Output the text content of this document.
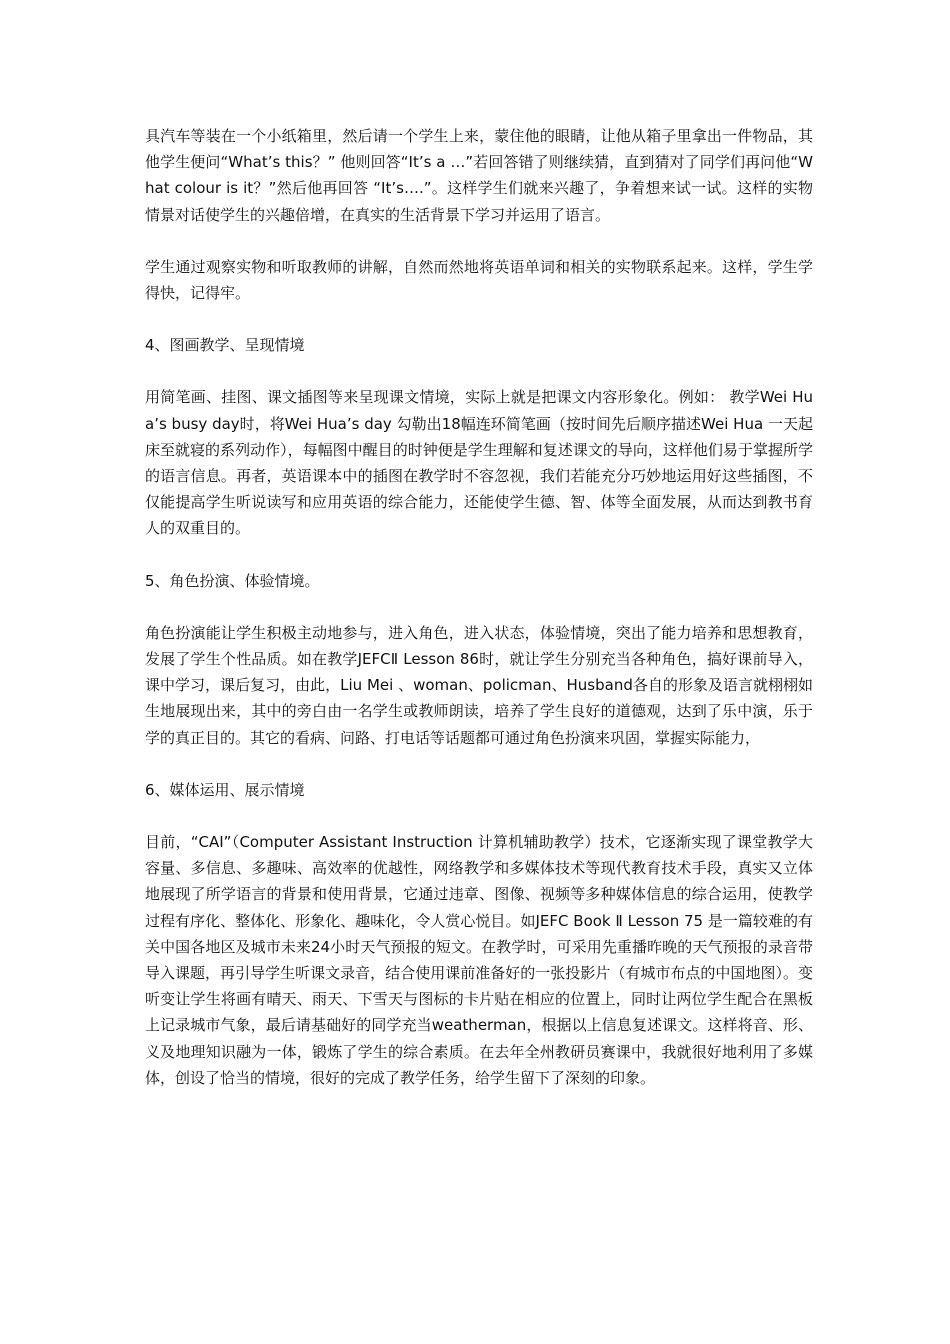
具汽车等装在一个小纸箱里，然后请一个学生上来，蒙住他的眼睛，让他从箱子里拿出一件物品，其他学生便问“What’s this？” 他则回答“It’s a …”若回答错了则继续猜，直到猜对了同学们再问他“What colour is it？”然后他再回答 “It’s….”。这样学生们就来兴趣了，争着想来试一试。这样的实物情景对话使学生的兴趣倍增，在真实的生活背景下学习并运用了语言。

学生通过观察实物和听取教师的讲解，自然而然地将英语单词和相关的实物联系起来。这样，学生学得快，记得牢。

4、图画教学、呈现情境

用简笔画、挂图、课文插图等来呈现课文情境，实际上就是把课文内容形象化。例如： 教学Wei Hua’s busy day时，将Wei Hua’s day 勾勒出18幅连环简笔画（按时间先后顺序描述Wei Hua 一天起床至就寝的系列动作），每幅图中醒目的时钟便是学生理解和复述课文的导向，这样他们易于掌握所学的语言信息。再者，英语课本中的插图在教学时不容忽视，我们若能充分巧妙地运用好这些插图，不仅能提高学生听说读写和应用英语的综合能力，还能使学生德、智、体等全面发展，从而达到教书育人的双重目的。

5、角色扮演、体验情境。

角色扮演能让学生积极主动地参与，进入角色，进入状态，体验情境，突出了能力培养和思想教育，发展了学生个性品质。如在教学JEFCⅡ Lesson 86时，就让学生分别充当各种角色，搞好课前导入，课中学习，课后复习，由此，Liu Mei 、woman、policman、Husband各自的形象及语言就栩栩如生地展现出来，其中的旁白由一名学生或教师朗读，培养了学生良好的道德观，达到了乐中演，乐于学的真正目的。其它的看病、问路、打电话等话题都可通过角色扮演来巩固，掌握实际能力，

6、媒体运用、展示情境

目前，“CAI”（Computer Assistant Instruction 计算机辅助教学）技术，它逐渐实现了课堂教学大容量、多信息、多趣味、高效率的优越性，网络教学和多媒体技术等现代教育技术手段，真实又立体地展现了所学语言的背景和使用背景，它通过违章、图像、视频等多种媒体信息的综合运用，使教学过程有序化、整体化、形象化、趣味化，令人赏心悦目。如JEFC Book Ⅱ Lesson 75 是一篇较难的有关中国各地区及城市未来24小时天气预报的短文。在教学时，可采用先重播昨晚的天气预报的录音带导入课题，再引导学生听课文录音，结合使用课前准备好的一张投影片（有城市布点的中国地图）。变听变让学生将画有晴天、雨天、下雪天与图标的卡片贴在相应的位置上，同时让两位学生配合在黑板上记录城市气象，最后请基础好的同学充当weatherman，根据以上信息复述课文。这样将音、形、义及地理知识融为一体，锻炼了学生的综合素质。在去年全州教研员赛课中，我就很好地利用了多媒体，创设了恰当的情境，很好的完成了教学任务，给学生留下了深刻的印象。
